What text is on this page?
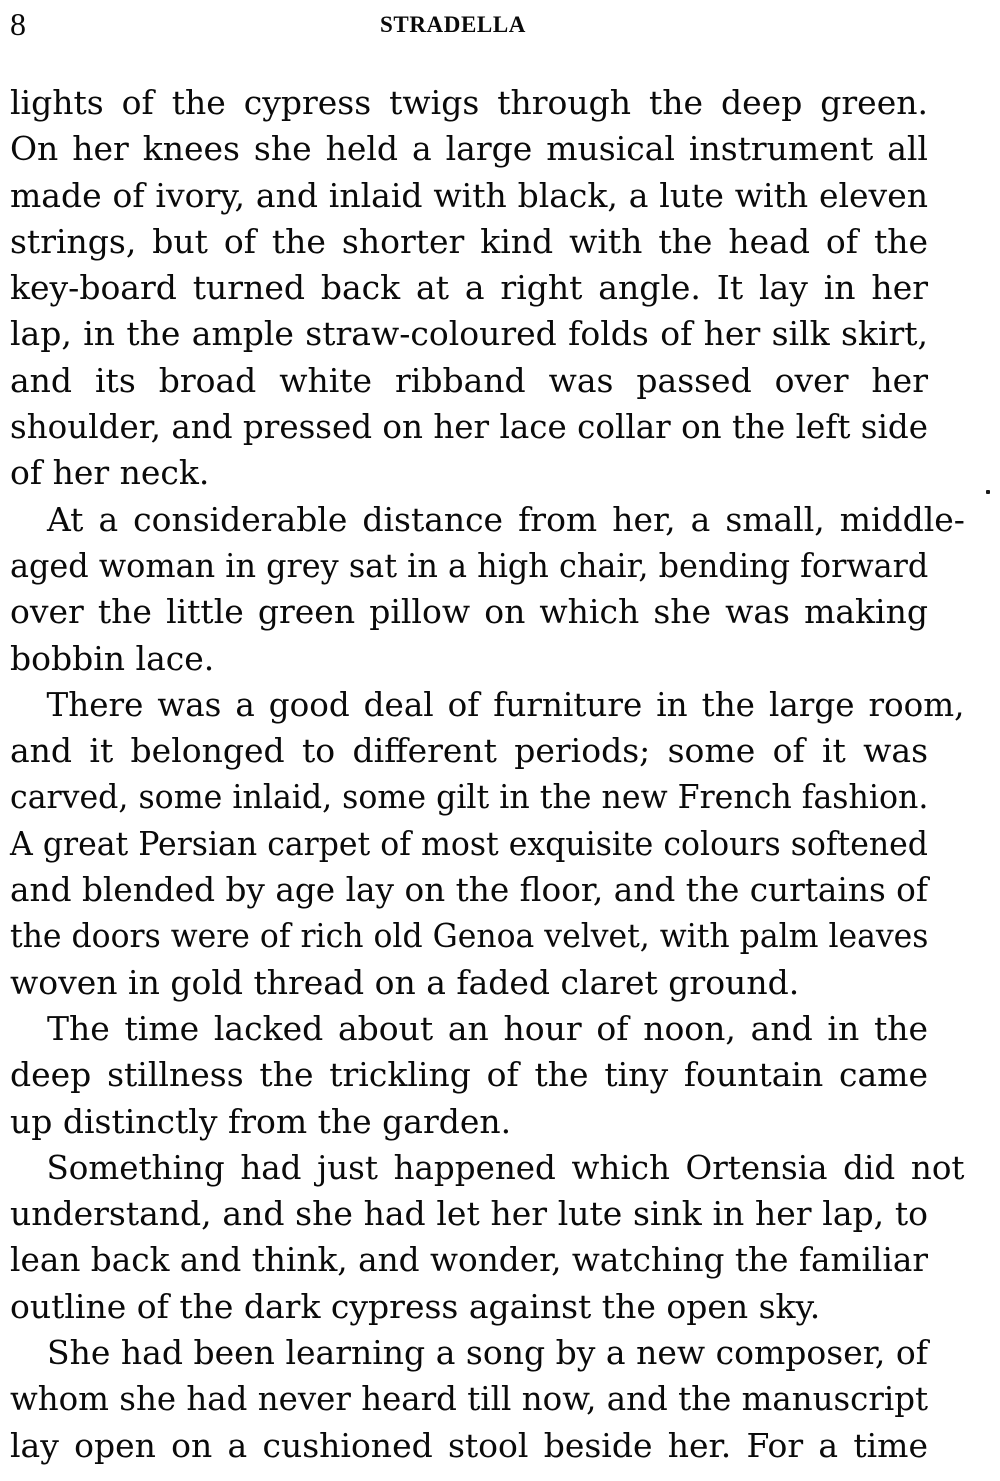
8	STRADELLA
lights of the cypress twigs through the deep green.
On her knees she held a large musical instrument all
made of ivory, and inlaid with black, a lute with eleven
strings, but of the shorter kind with the head of the
key-board turned back at a right angle. It lay in her
lap, in the ample straw-coloured folds of her silk skirt,
and its broad white ribband was passed over her
shoulder, and pressed on her lace collar on the left side
of her neck.
At a considerable distance from her, a small, middle-
aged woman in grey sat in a high chair, bending forward
over the little green pillow on which she was making
bobbin lace.
There was a good deal of furniture in the large room,
and it belonged to different periods; some of it was
carved, some inlaid, some gilt in the new French fashion.
A great Persian carpet of most exquisite colours softened
and blended by age lay on the floor, and the curtains of
the doors were of rich old Genoa velvet, with palm leaves
woven in gold thread on a faded claret ground.
The time lacked about an hour of noon, and in the
deep stillness the trickling of the tiny fountain came
up distinctly from the garden.
Something had just happened which Ortensia did not
understand, and she had let her lute sink in her lap, to
lean back and think, and wonder, watching the familiar
outline of the dark cypress against the open sky.
She had been learning a song by a new composer, of
whom she had never heard till now, and the manuscript
lay open on a cushioned stool beside her. For a time
